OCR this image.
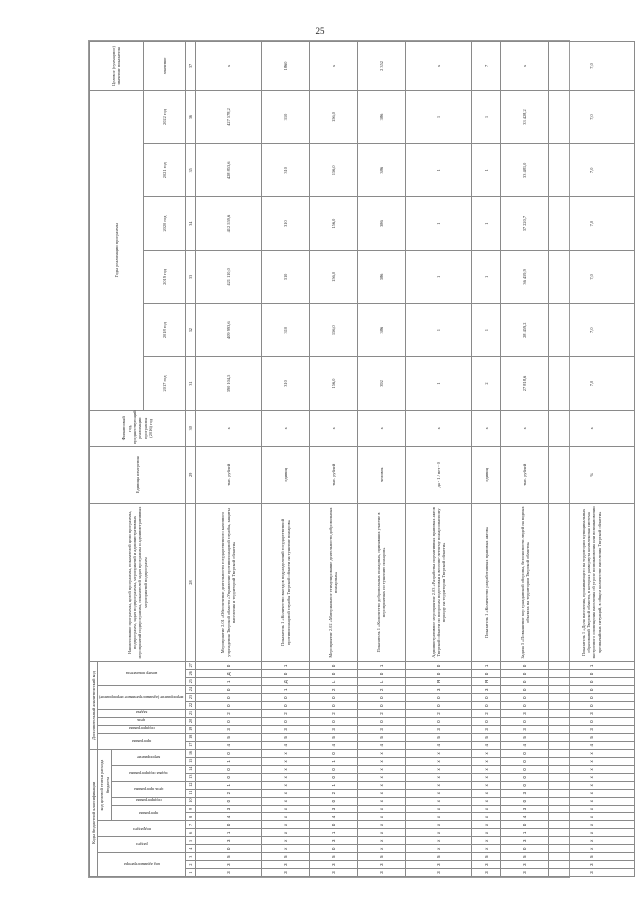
25
Коды бюджетной классификации																Дополнительный аналитический код											Наименование программы, целей программы, показателей цели программы, подпрограмм, задач подпрограммы, мероприятий и административных мероприятий подпрограммы, показателей задач программы и административных мероприятий подпрограмм	Единица измерения	Финансовый год, предшествующий реализации программы (2016) год	Годы реализации программы						Целевое (суммарное) значение показателя

код администратора			раздел		подраздел		код целевой статьи расхода бюджета									программа		подпрограмма	цель	задача	мероприятие (административное мероприятие)			номер показателя												

							программа		подпрограмма	цель программы		задача подпрограммы		мероприятие																						

																														2017 год	2018 год	2019 год	2020 год	2021 год	2022 год	значение
1	2	3	4	5	6	7	8	9	10	11	12	13	14	15	16	17	18	19	20	21	22	23	24	25	26	27	28	29	30	31	32	33	34	35	36	37
3	3	5	0	3	1	0	4	3	0	2	1	0	0	1	0	4	5	3	0	2	0	0	0	1	Д	0	Мероприятие 2.01 «Обеспечение деятельности государственного казенного учреждения Тверской области «Управление противопожарной службы, защиты населения и территорий Тверской области»	тыс. рублей	x	390 104,5	409 993,6	421 110,0	412 559,6	428 853,6	427 578,2	x
3	3	5	x	x	x	x	x	x	x	x	x	x	x	x	x	4	5	3	0	2	0	0	1	Д	0	1	Показатель 1 «Количество выездов подразделений государственной противопожарной службы Тверской области на тушение пожаров»	единиц	x	310	310	310	310	310	310	1860
3	3	5	0	3	1	0	4	3	0	2	1	0	0	1	0	4	5	3	0	2	0	0	2	L	0	0	Мероприятие 2.02 «Материальное стимулирование деятельности добровольных пожарных»	тыс. рублей	x	156,0	156,0	156,0	156,0	156,0	156,0	x
3	3	5	x	x	x	x	x	x	x	x	x	x	x	x	x	4	5	3	0	2	0	0	2	L	0	1	Показатель 1 «Количество добровольных пожарных, принявших участие в мероприятиях по тушению пожаров»	человек	x	392	386	386	386	386	386	2 352
3	3	5	x	x	x	x	x	x	x	x	x	x	x	x	x	4	5	3	0	2	0	0	3	Я	0	0	Административное мероприятие 2.03 «Разработка нормативных правовых актов Тверской области по вопросам подготовки к весенне-летнему пожароопасному периоду на территории Тверской области»	да - 1 / нет - 0	x	1	1	1	1	1	1	x
3	3	5	x	x	x	x	x	x	x	x	x	x	x	x	x	4	5	3	0	2	0	0	3	Я	0	1	Показатель 1 «Количество разработанных правовых актов»	единиц	x	2	1	1	1	1	1	7
3	3	5	0	3	1	0	4	3	0	3	0	0	0	0	0	4	5	3	0	3	0	0	0	0	0	0	Задача 3 «Повышение мер гражданской обороны, безопасности людей на водных объектах на территории Тверской области»	тыс. рублей	x	27 818,6	28 459,2	36 459,9	37 220,7	33 481,0	33 428,2	x
3	3	5	x	x	x	x	x	x	x	x	x	x	x	x	x	4	5	3	0	3	0	0	0	0	0	1	Показатель 1 «Доля населения, проживающего на территории муниципальных образований Тверской области, в которых развернута комплексная система экстренного оповещения населения об угрозе возникновения или возникновении чрезвычайных ситуаций, в общем количестве населения Тверской области»	%	x	7,0	7,0	7,0	7,0	7,0	7,0	7,0
